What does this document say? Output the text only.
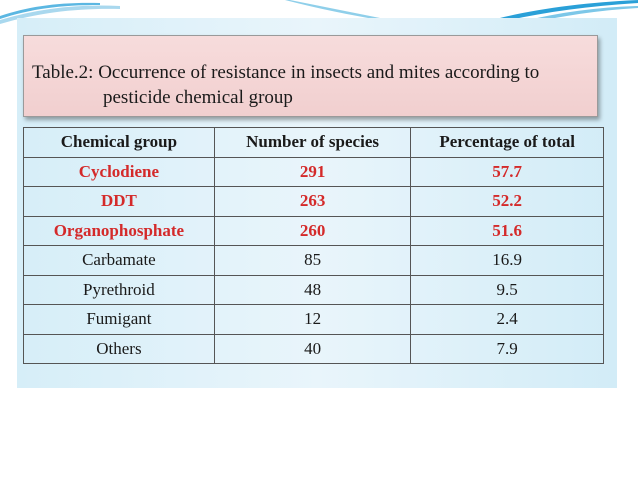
Table.2: Occurrence of resistance in insects and mites according to
pesticide chemical group
Chemical group	Number of species	Percentage of total
Cyclodiene	291	57.7
DDT	263	52.2
Organophosphate	260	51.6
Carbamate	85	16.9
Pyrethroid	48	9.5
Fumigant	12	2.4
Others	40	7.9
